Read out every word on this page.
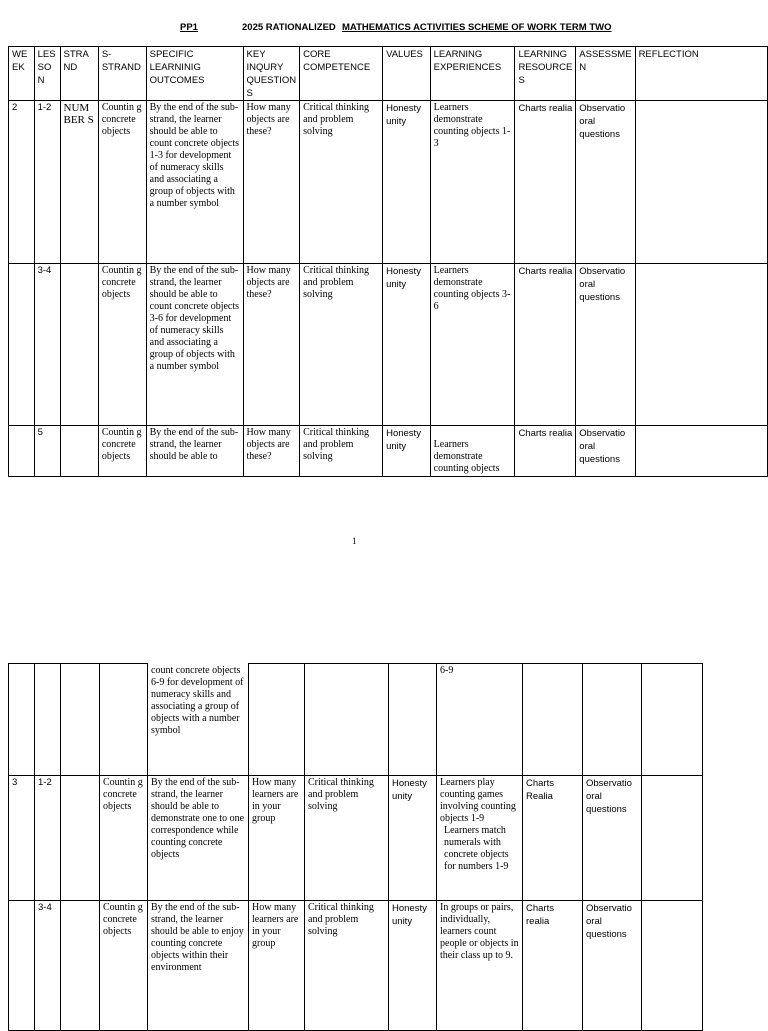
PP1	2025 RATIONALIZED MATHEMATICS ACTIVITIES SCHEME OF WORK TERM TWO
WE EK	LES SO N	STRA ND	S-STRAND	SPECIFIC LEARNINIG OUTCOMES	KEY INQURY QUESTION S	CORE COMPETENCE	VALUES	LEARNING EXPERIENCES	LEARNING RESOURCE S	ASSESSME N	REFLECTION
2	1-2	NUM BER S	Countin g concrete objects	By the end of the sub-strand, the learner should be able to count concrete objects 1-3 for development of numeracy skills and associating a group of objects with a number symbol	How many objects are these?	Critical thinking and problem solving	Honesty unity	Learners demonstrate counting objects 1-3	Charts realia	Observatio oral questions	
	3-4		Countin g concrete objects	By the end of the sub-strand, the learner should be able to count concrete objects 3-6 for development of numeracy skills and associating a group of objects with a number symbol	How many objects are these?	Critical thinking and problem solving	Honesty unity	Learners demonstrate counting objects 3-6	Charts realia	Observatio oral questions	
	5		Countin g concrete objects	By the end of the sub-strand, the learner should be able to	How many objects are these?	Critical thinking and problem solving	Honesty unity	Learners demonstrate counting objects	Charts realia	Observatio oral questions	
1
				count concrete objects 6-9 for development of numeracy skills and associating a group of objects with a number symbol				6-9			
3	1-2		Countin g concrete objects	By the end of the sub-strand, the learner should be able to demonstrate one to one correspondence while counting concrete objects	How many learners are in your group	Critical thinking and problem solving	Honesty unity	Learners play counting games involving counting objects 1-9
Learners match numerals with concrete objects for numbers 1-9	Charts Realia	Observatio oral questions	
	3-4		Countin g concrete objects	By the end of the sub-strand, the learner should be able to enjoy counting concrete objects within their environment	How many learners are in your group	Critical thinking and problem solving	Honesty unity	In groups or pairs, individually, learners count people or objects in their class up to 9.	Charts realia	Observatio oral questions	
